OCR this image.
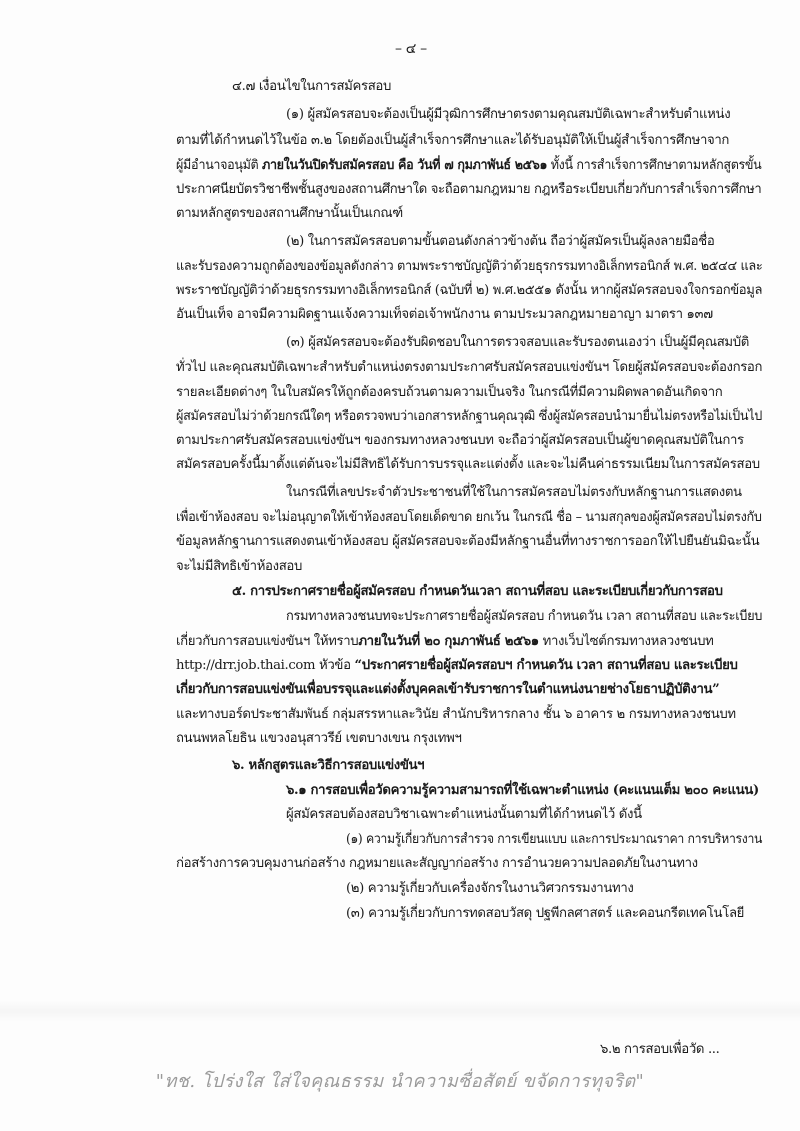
– ๔ –
๔.๗ เงื่อนไขในการสมัครสอบ
(๑) ผู้สมัครสอบจะต้องเป็นผู้มีวุฒิการศึกษาตรงตามคุณสมบัติเฉพาะสำหรับตำแหน่ง
ตามที่ได้กำหนดไว้ในข้อ ๓.๒ โดยต้องเป็นผู้สำเร็จการศึกษาและได้รับอนุมัติให้เป็นผู้สำเร็จการศึกษาจาก
ผู้มีอำนาจอนุมัติ ภายในวันปิดรับสมัครสอบ คือ วันที่ ๗ กุมภาพันธ์ ๒๕๖๑ ทั้งนี้ การสำเร็จการศึกษาตามหลักสูตรขั้น
ประกาศนียบัตรวิชาชีพชั้นสูงของสถานศึกษาใด จะถือตามกฎหมาย กฎหรือระเบียบเกี่ยวกับการสำเร็จการศึกษา
ตามหลักสูตรของสถานศึกษานั้นเป็นเกณฑ์
(๒) ในการสมัครสอบตามขั้นตอนดังกล่าวข้างต้น ถือว่าผู้สมัครเป็นผู้ลงลายมือชื่อ
และรับรองความถูกต้องของข้อมูลดังกล่าว ตามพระราชบัญญัติว่าด้วยธุรกรรมทางอิเล็กทรอนิกส์ พ.ศ. ๒๕๔๔ และ
พระราชบัญญัติว่าด้วยธุรกรรมทางอิเล็กทรอนิกส์ (ฉบับที่ ๒) พ.ศ.๒๕๕๑ ดังนั้น หากผู้สมัครสอบจงใจกรอกข้อมูล
อันเป็นเท็จ อาจมีความผิดฐานแจ้งความเท็จต่อเจ้าพนักงาน ตามประมวลกฎหมายอาญา มาตรา ๑๓๗
(๓) ผู้สมัครสอบจะต้องรับผิดชอบในการตรวจสอบและรับรองตนเองว่า เป็นผู้มีคุณสมบัติ
ทั่วไป และคุณสมบัติเฉพาะสำหรับตำแหน่งตรงตามประกาศรับสมัครสอบแข่งขันฯ โดยผู้สมัครสอบจะต้องกรอก
รายละเอียดต่างๆ ในใบสมัครให้ถูกต้องครบถ้วนตามความเป็นจริง ในกรณีที่มีความผิดพลาดอันเกิดจาก
ผู้สมัครสอบไม่ว่าด้วยกรณีใดๆ หรือตรวจพบว่าเอกสารหลักฐานคุณวุฒิ ซึ่งผู้สมัครสอบนำมายื่นไม่ตรงหรือไม่เป็นไป
ตามประกาศรับสมัครสอบแข่งขันฯ ของกรมทางหลวงชนบท จะถือว่าผู้สมัครสอบเป็นผู้ขาดคุณสมบัติในการ
สมัครสอบครั้งนี้มาตั้งแต่ต้นจะไม่มีสิทธิได้รับการบรรจุและแต่งตั้ง และจะไม่คืนค่าธรรมเนียมในการสมัครสอบ
ในกรณีที่เลขประจำตัวประชาชนที่ใช้ในการสมัครสอบไม่ตรงกับหลักฐานการแสดงตน
เพื่อเข้าห้องสอบ จะไม่อนุญาตให้เข้าห้องสอบโดยเด็ดขาด ยกเว้น ในกรณี ชื่อ – นามสกุลของผู้สมัครสอบไม่ตรงกับ
ข้อมูลหลักฐานการแสดงตนเข้าห้องสอบ ผู้สมัครสอบจะต้องมีหลักฐานอื่นที่ทางราชการออกให้ไปยืนยันมิฉะนั้น
จะไม่มีสิทธิเข้าห้องสอบ
๕. การประกาศรายชื่อผู้สมัครสอบ กำหนดวันเวลา สถานที่สอบ และระเบียบเกี่ยวกับการสอบ
กรมทางหลวงชนบทจะประกาศรายชื่อผู้สมัครสอบ กำหนดวัน เวลา สถานที่สอบ และระเบียบ
เกี่ยวกับการสอบแข่งขันฯ ให้ทราบภายในวันที่ ๒๐ กุมภาพันธ์ ๒๕๖๑ ทางเว็บไซต์กรมทางหลวงชนบท
http://drr.job.thai.com หัวข้อ “ประกาศรายชื่อผู้สมัครสอบฯ กำหนดวัน เวลา สถานที่สอบ และระเบียบ
เกี่ยวกับการสอบแข่งขันเพื่อบรรจุและแต่งตั้งบุคคลเข้ารับราชการในตำแหน่งนายช่างโยธาปฏิบัติงาน”
และทางบอร์ดประชาสัมพันธ์ กลุ่มสรรหาและวินัย สำนักบริหารกลาง ชั้น ๖ อาคาร ๒ กรมทางหลวงชนบท
ถนนพหลโยธิน แขวงอนุสาวรีย์ เขตบางเขน กรุงเทพฯ
๖. หลักสูตรและวิธีการสอบแข่งขันฯ
๖.๑ การสอบเพื่อวัดความรู้ความสามารถที่ใช้เฉพาะตำแหน่ง (คะแนนเต็ม ๒๐๐ คะแนน)
ผู้สมัครสอบต้องสอบวิชาเฉพาะตำแหน่งนั้นตามที่ได้กำหนดไว้ ดังนี้
(๑) ความรู้เกี่ยวกับการสำรวจ การเขียนแบบ และการประมาณราคา การบริหารงาน
ก่อสร้างการควบคุมงานก่อสร้าง กฎหมายและสัญญาก่อสร้าง การอำนวยความปลอดภัยในงานทาง
(๒) ความรู้เกี่ยวกับเครื่องจักรในงานวิศวกรรมงานทาง
(๓) ความรู้เกี่ยวกับการทดสอบวัสดุ ปฐพีกลศาสตร์ และคอนกรีตเทคโนโลยี
๖.๒ การสอบเพื่อวัด ...
"ทช. โปร่งใส ใส่ใจคุณธรรม นำความซื่อสัตย์ ขจัดการทุจริต"
